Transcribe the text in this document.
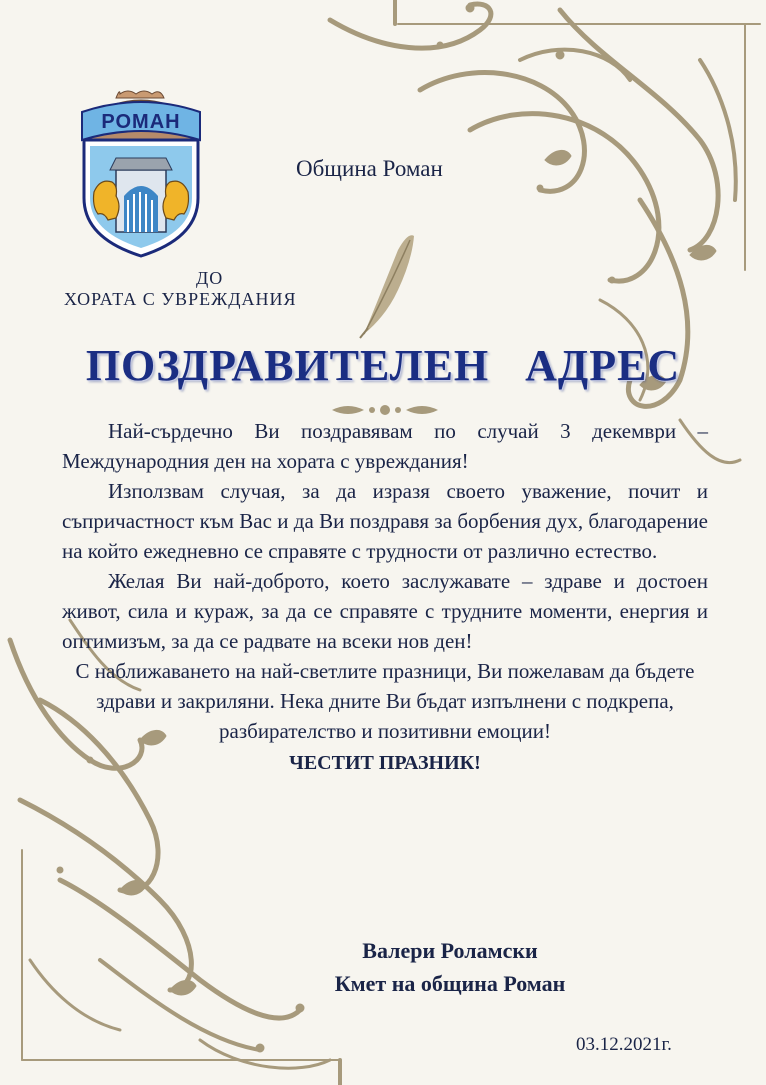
РОМАН
Община Роман
ДО
ХОРАТА С УВРЕЖДАНИЯ
ПОЗДРАВИТЕЛЕН АДРЕС

Най-сърдечно Ви поздравявам по случай 3 декември – Международния ден на хората с увреждания!

Използвам случая, за да изразя своето уважение, почит и съпричастност към Вас и да Ви поздравя за борбения дух, благодарение на който ежедневно се справяте с трудности от различно естество.

Желая Ви най-доброто, което заслужавате – здраве и достоен живот, сила и кураж, за да се справяте с трудните моменти, енергия и оптимизъм, за да се радвате на всеки нов ден!

С наближаването на най-светлите празници, Ви пожелавам да бъдете здрави и закриляни. Нека дните Ви бъдат изпълнени с подкрепа, разбирателство и позитивни емоции!

ЧЕСТИТ ПРАЗНИК!
Валери Роламски
Кмет на община Роман
03.12.2021г.
